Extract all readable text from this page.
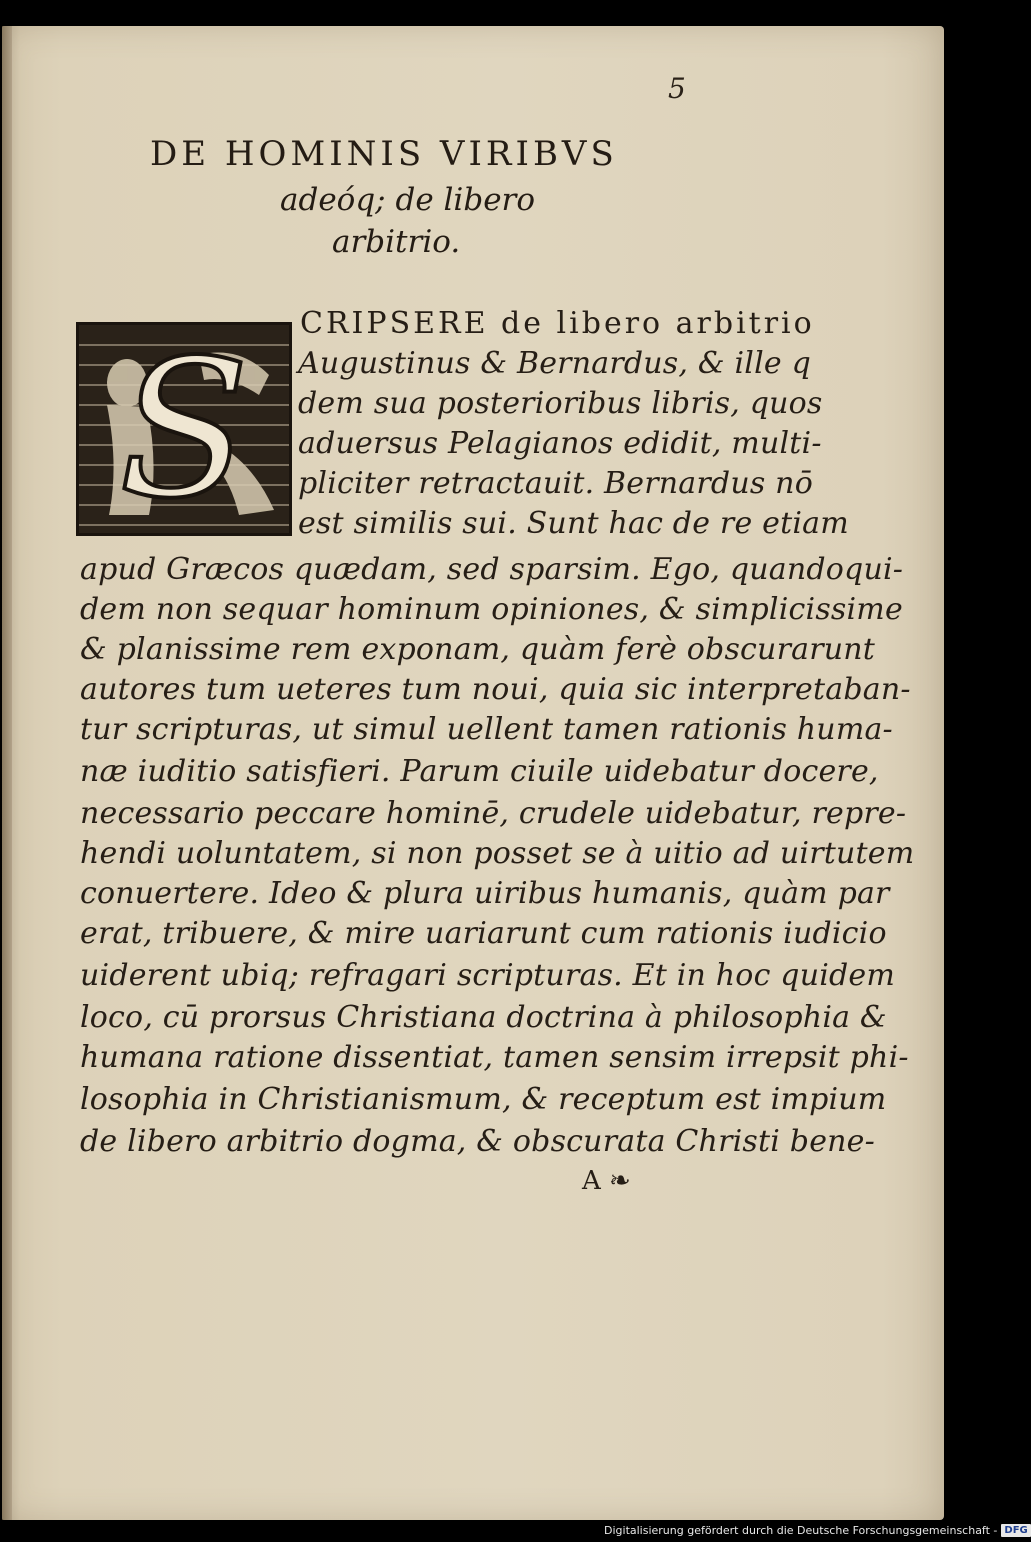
5
DE HOMINIS VIRIBVS
adeóq; de libero
arbitrio.
S CRIPSERE de libero arbitrio
Augustinus & Bernardus, & ille q
dem sua posterioribus libris, quos
aduersus Pelagianos edidit, multi-
pliciter retractauit. Bernardus nō
est similis sui. Sunt hac de re etiam
apud Græcos quædam, sed sparsim. Ego, quandoqui-
dem non sequar hominum opiniones, & simplicissime
& planissime rem exponam, quàm ferè obscurarunt
autores tum ueteres tum noui, quia sic interpretaban-
tur scripturas, ut simul uellent tamen rationis huma-
næ iuditio satisfieri. Parum ciuile uidebatur docere,
necessario peccare hominē, crudele uidebatur, repre-
hendi uoluntatem, si non posset se à uitio ad uirtutem
conuertere. Ideo & plura uiribus humanis, quàm par
erat, tribuere, & mire uariarunt cum rationis iudicio
uiderent ubiq; refragari scripturas. Et in hoc quidem
loco, cū prorsus Christiana doctrina à philosophia &
humana ratione dissentiat, tamen sensim irrepsit phi-
losophia in Christianismum, & receptum est impium
de libero arbitrio dogma, & obscurata Christi bene-
A ❧
Digitalisierung gefördert durch die Deutsche Forschungsgemeinschaft - DFG
